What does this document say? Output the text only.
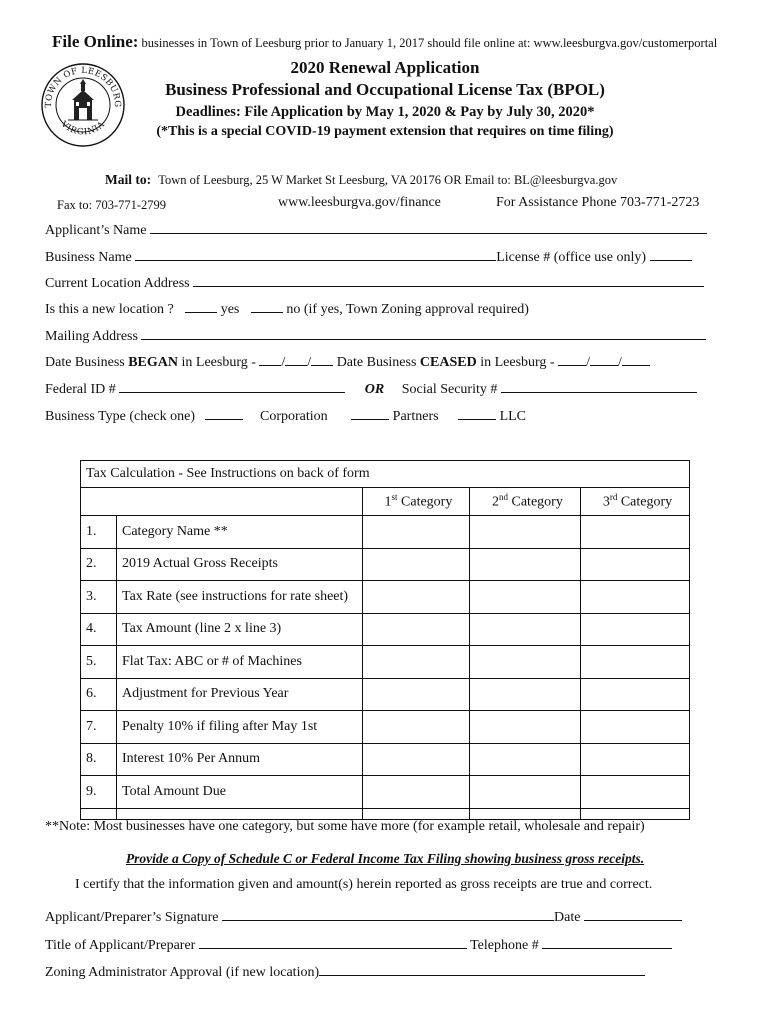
File Online: businesses in Town of Leesburg prior to January 1, 2017 should file online at: www.leesburgva.gov/customerportal
TOWN OF LEESBURG
VIRGINIA
2020 Renewal Application
Business Professional and Occupational License Tax (BPOL)
Deadlines: File Application by May 1, 2020 & Pay by July 30, 2020*
(*This is a special COVID-19 payment extension that requires on time filing)
Mail to: Town of Leesburg, 25 W Market St Leesburg, VA 20176 OR Email to: BL@leesburgva.gov
Fax to: 703-771-2799	www.leesburgva.gov/finance	For Assistance Phone 703-771-2723
Applicant’s Name
Business Name	License # (office use only)
Current Location Address
Is this a new location ?	yes	no (if yes, Town Zoning approval required)
Mailing Address
Date Business BEGAN in Leesburg - / / Date Business CEASED in Leesburg - / /
Federal ID #	OR Social Security #
Business Type (check one)	Corporation	Partners	LLC
Tax Calculation - See Instructions on back of form				
		1st Category	2nd Category	3rd Category
1.	Category Name **			
2.	2019 Actual Gross Receipts			
3.	Tax Rate (see instructions for rate sheet)			
4.	Tax Amount (line 2 x line 3)			
5.	Flat Tax: ABC or # of Machines			
6.	Adjustment for Previous Year			
7.	Penalty 10% if filing after May 1st			
8.	Interest 10% Per Annum			
9.	Total Amount Due			

**Note: Most businesses have one category, but some have more (for example retail, wholesale and repair)
Provide a Copy of Schedule C or Federal Income Tax Filing showing business gross receipts.
I certify that the information given and amount(s) herein reported as gross receipts are true and correct.
Applicant/Preparer’s Signature	Date
Title of Applicant/Preparer	Telephone #
Zoning Administrator Approval (if new location)
